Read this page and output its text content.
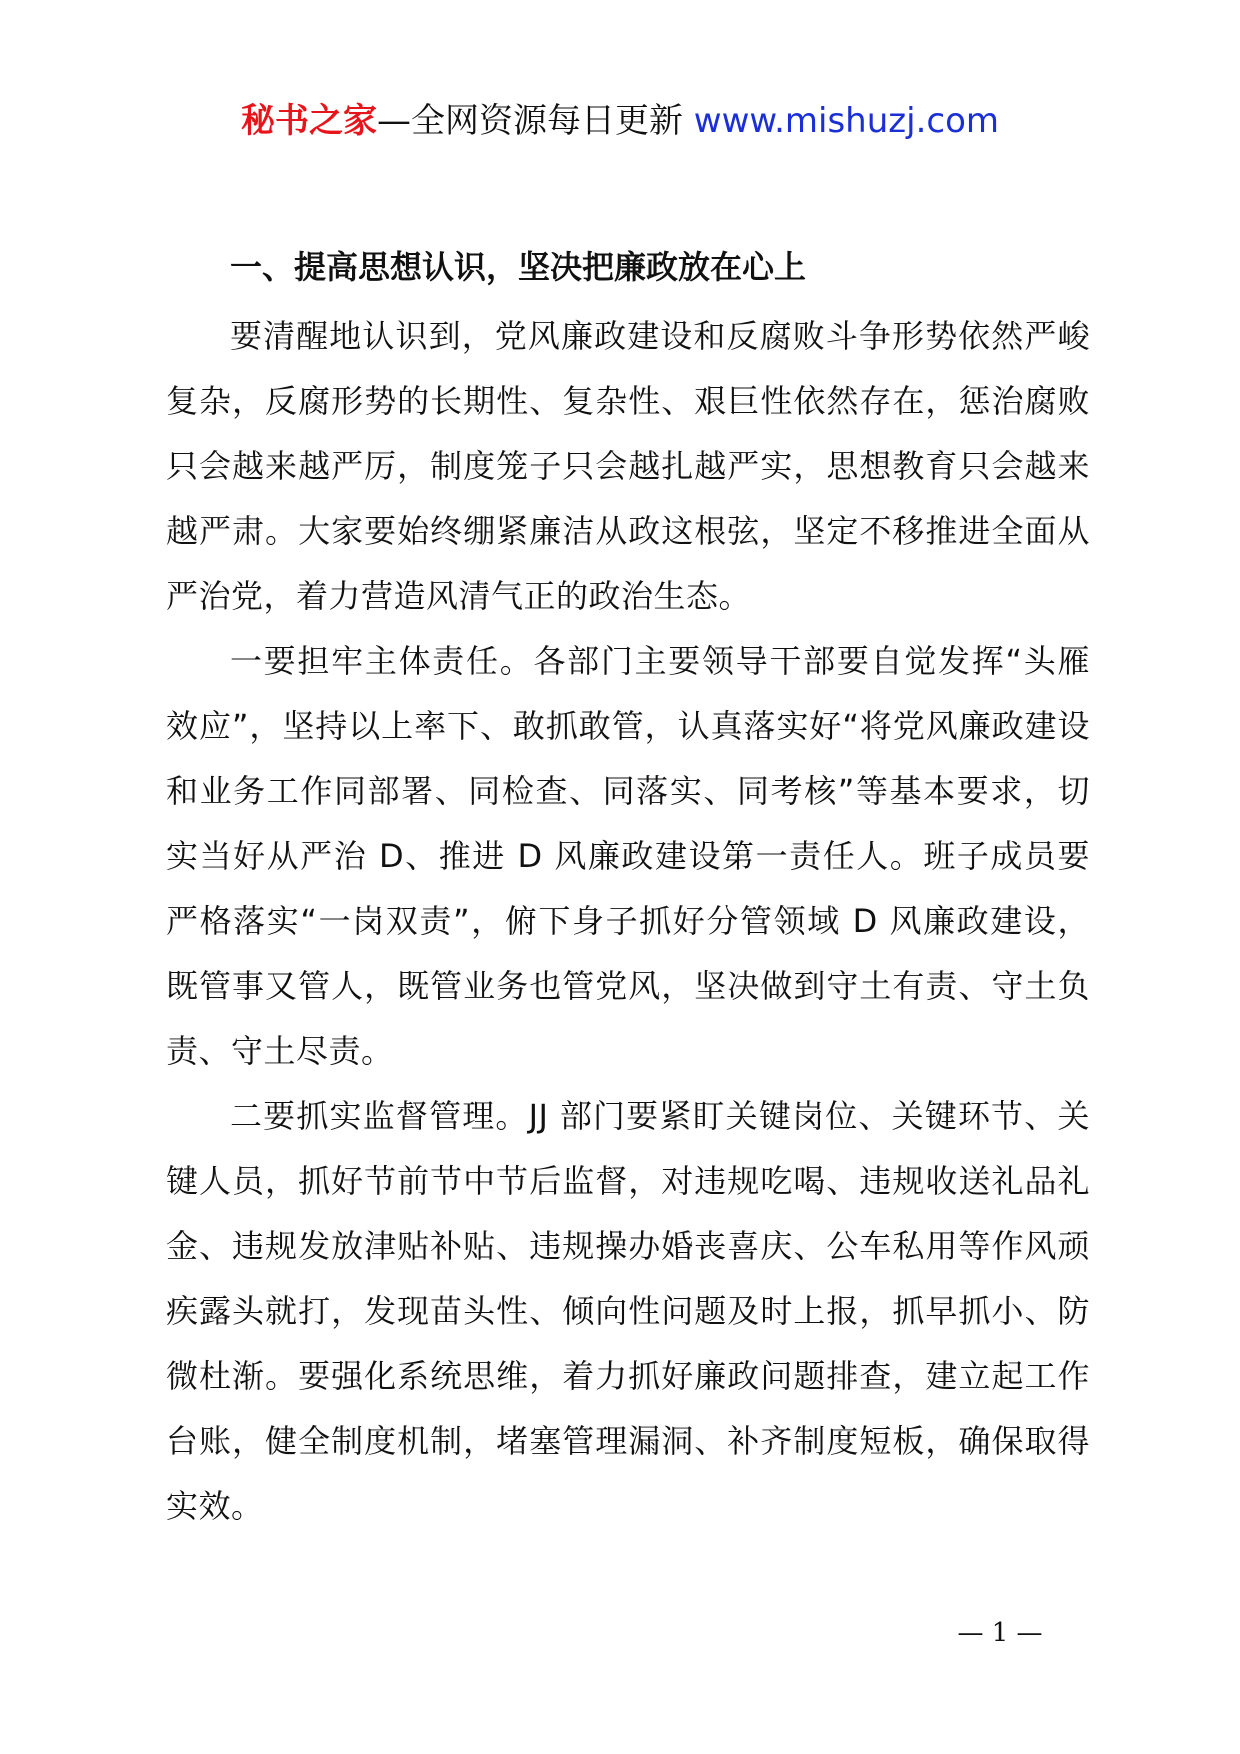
秘书之家—全网资源每日更新 www.mishuzj.com

一、提高思想认识，坚决把廉政放在心上

要清醒地认识到，党风廉政建设和反腐败斗争形势依然严峻复杂，反腐形势的长期性、复杂性、艰巨性依然存在，惩治腐败只会越来越严厉，制度笼子只会越扎越严实，思想教育只会越来越严肃。大家要始终绷紧廉洁从政这根弦，坚定不移推进全面从严治党，着力营造风清气正的政治生态。

一要担牢主体责任。各部门主要领导干部要自觉发挥“头雁效应”，坚持以上率下、敢抓敢管，认真落实好“将党风廉政建设和业务工作同部署、同检查、同落实、同考核”等基本要求，切实当好从严治 D、推进 D 风廉政建设第一责任人。班子成员要严格落实“一岗双责”，俯下身子抓好分管领域 D 风廉政建设，既管事又管人，既管业务也管党风，坚决做到守土有责、守土负责、守土尽责。

二要抓实监督管理。JJ 部门要紧盯关键岗位、关键环节、关键人员，抓好节前节中节后监督，对违规吃喝、违规收送礼品礼金、违规发放津贴补贴、违规操办婚丧喜庆、公车私用等作风顽疾露头就打，发现苗头性、倾向性问题及时上报，抓早抓小、防微杜渐。要强化系统思维，着力抓好廉政问题排查，建立起工作台账，健全制度机制，堵塞管理漏洞、补齐制度短板，确保取得实效。

— 1 —
